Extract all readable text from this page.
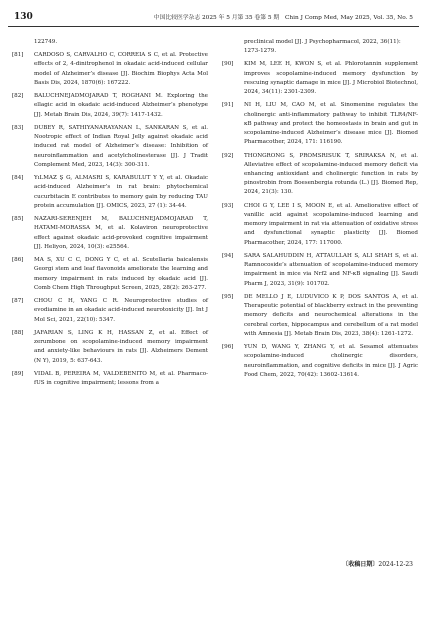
130	中国比较医学杂志 2025 年 5 月第 35 卷第 5 期　Chin J Comp Med, May 2025, Vol. 35, No. 5
122749.
[81] CARDOSO S, CARVALHO C, CORREIA S C, et al. Protective effects of 2, 4-dinitrophenol in okadaic acid-induced cellular model of Alzheimer’s disease [J]. Biochim Biophys Acta Mol Basis Dis, 2024, 1870(6): 167222.
[82] BALUCHNEJADMOJARAD T, ROGHANI M. Exploring the ellagic acid in okadaic acid-induced Alzheimer’s phenotype [J]. Metab Brain Dis, 2024, 39(7): 1417-1432.
[83] DUBEY R, SATHIYANARAYANAN L, SANKARAN S, et al. Nootropic effect of Indian Royal Jelly against okadaic acid induced rat model of Alzheimer’s disease: Inhibition of neuroinflammation and acetylcholinesterase [J]. J Tradit Complement Med, 2023, 14(3): 300-311.
[84] YıLMAZ Ş G, ALMASRI S, KARABULUT Y Y, et al. Okadaic acid-induced Alzheimer’s in rat brain: phytochemical cucurbitacin E contributes to memory gain by reducing TAU protein accumulation [J]. OMICS, 2023, 27 (1): 34-44.
[85] NAZARI-SERENJEH M, BALUCHNEJADMOJARAD T, HATAMI-MORASSA M, et al. Kolaviron neuroprotective effect against okadaic acid-provoked cognitive impairment [J]. Heliyon, 2024, 10(3): e25564.
[86] MA S, XU C C, DONG Y C, et al. Scutellaria baicalensis Georgi stem and leaf flavonoids ameliorate the learning and memory impairment in rats induced by okadaic acid [J]. Comb Chem High Throughput Screen, 2025, 28(2): 263-277.
[87] CHOU C H, YANG C R. Neuroprotective studies of evodiamine in an okadaic acid-induced neurotoxicity [J]. Int J Mol Sci, 2021, 22(10): 5347.
[88] JAFARIAN S, LING K H, HASSAN Z, et al. Effect of zerumbone on scopolamine-induced memory impairment and anxiety-like behaviours in rats [J]. Alzheimers Dement (N Y), 2019, 5: 637-643.
[89] VIDAL B, PEREIRA M, VALDEBENITO M, et al. Pharmaco-fUS in cognitive impairment; lessons from a
preclinical model [J]. J Psychopharmacol, 2022, 36(11):
1273-1279.
[90] KIM M, LEE H, KWON S, et al. Phlorotannin supplement improves scopolamine-induced memory dysfunction by rescuing synaptic damage in mice [J]. J Microbiol Biotechnol, 2024, 34(11): 2301-2309.
[91] NI H, LIU M, CAO M, et al. Sinomenine regulates the cholinergic anti-inflammatory pathway to inhibit TLR4/NF-κB pathway and protect the homeostasis in brain and gut in scopolamine-induced Alzheimer’s disease mice [J]. Biomed Pharmacother, 2024, 171: 116190.
[92] THONGRONG S, PROMSRISUK T, SRIRAKSA N, et al. Alleviative effect of scopolamine-induced memory deficit via enhancing antioxidant and cholinergic function in rats by pinostrobin from Boesenbergia rotunda (L.) [J]. Biomed Rep, 2024, 21(3): 130.
[93] CHOI G Y, LEE I S, MOON E, et al. Ameliorative effect of vanillic acid against scopolamine-induced learning and memory impairment in rat via attenuation of oxidative stress and dysfunctional synaptic plasticity [J]. Biomed Pharmacother, 2024, 177: 117000.
[94] SARA SALAHUDDIN H, ATTAULLAH S, ALI SHAH S, et al. Ramnocoside’s attenuation of scopolamine-induced memory impairment in mice via Nrf2 and NF-κB signaling [J]. Saudi Pharm J, 2023, 31(9): 101702.
[95] DE MELLO J E, LUDUVICO K P, DOS SANTOS A, et al. Therapeutic potential of blackberry extract in the preventing memory deficits and neurochemical alterations in the cerebral cortex, hippocampus and cerebellum of a rat model with Amnesia [J]. Metab Brain Dis, 2023, 38(4): 1261-1272.
[96] YUN D, WANG Y, ZHANG Y, et al. Sesamol attenuates scopolamine-induced cholinergic disorders, neuroinflammation, and cognitive deficits in mice [J]. J Agric Food Chem, 2022, 70(42): 13602-13614.
〔收稿日期〕2024-12-23
